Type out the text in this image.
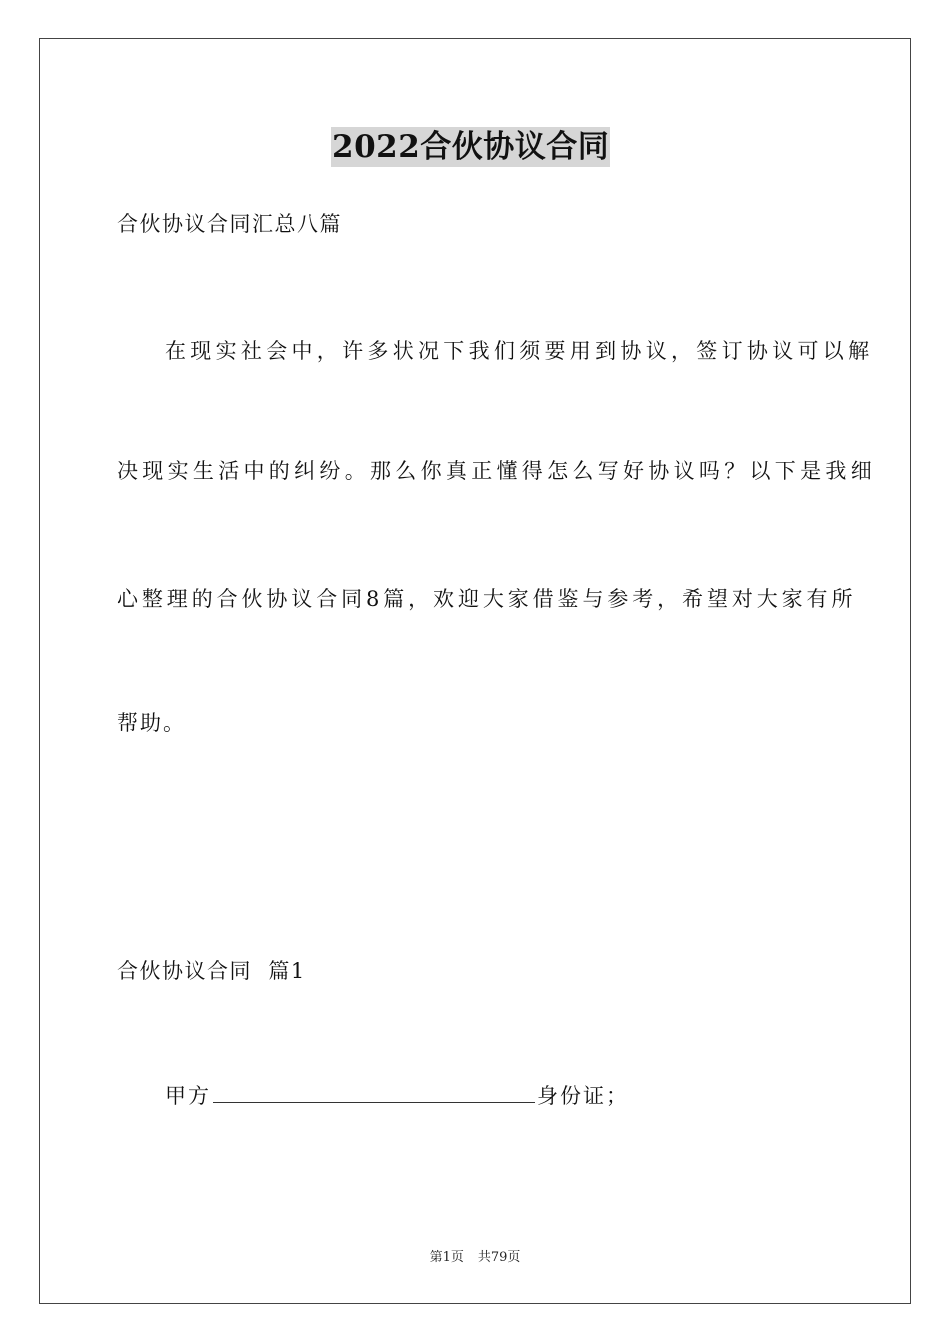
2022合伙协议合同
合伙协议合同汇总八篇
在现实社会中，许多状况下我们须要用到协议，签订协议可以解
决现实生活中的纠纷。那么你真正懂得怎么写好协议吗？以下是我细
心整理的合伙协议合同8篇，欢迎大家借鉴与参考，希望对大家有所
帮助。
合伙协议合同  篇1
甲方	身份证；
第1页 共79页
